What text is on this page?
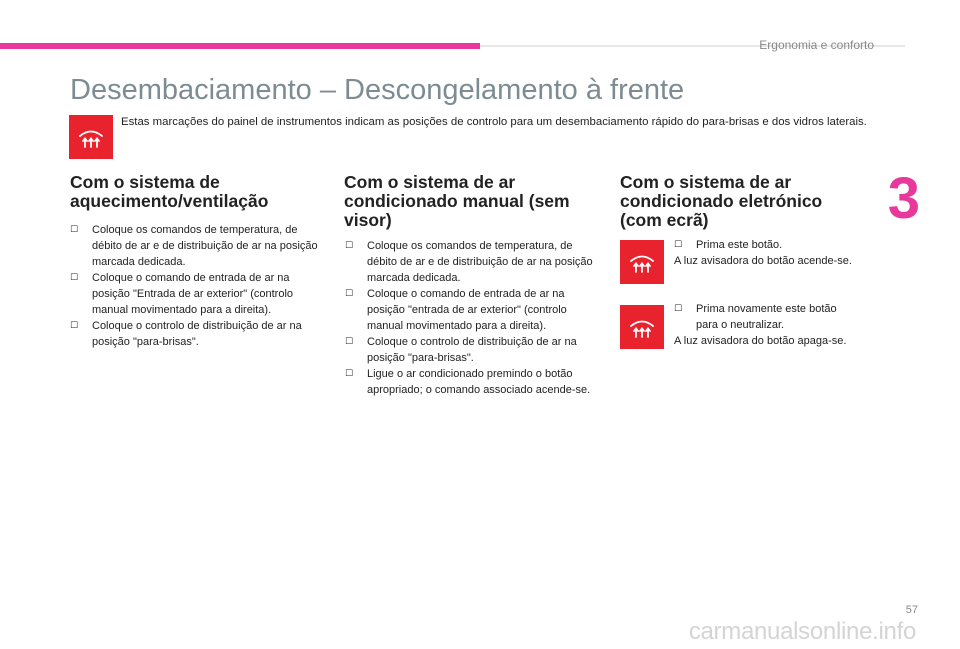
Ergonomia e conforto
3
Desembaciamento – Descongelamento à frente

Estas marcações do painel de instrumentos indicam as posições de controlo para um desembaciamento rápido do para-brisas e dos vidros laterais.

Com o sistema de aquecimento/ventilação
☐ Coloque os comandos de temperatura, de débito de ar e de distribuição de ar na posição marcada dedicada.
☐ Coloque o comando de entrada de ar na posição "Entrada de ar exterior" (controlo manual movimentado para a direita).
☐ Coloque o controlo de distribuição de ar na posição "para-brisas".
Com o sistema de ar condicionado manual (sem visor)
☐ Coloque os comandos de temperatura, de débito de ar e de distribuição de ar na posição marcada dedicada.
☐ Coloque o comando de entrada de ar na posição "entrada de ar exterior" (controlo manual movimentado para a direita).
☐ Coloque o controlo de distribuição de ar na posição "para-brisas".
☐ Ligue o ar condicionado premindo o botão apropriado; o comando associado acende-se.
Com o sistema de ar condicionado eletrónico (com ecrã)
☐ Prima este botão.
A luz avisadora do botão acende-se.
☐ Prima novamente este botão para o neutralizar.
A luz avisadora do botão apaga-se.
57
carmanualsonline.info
